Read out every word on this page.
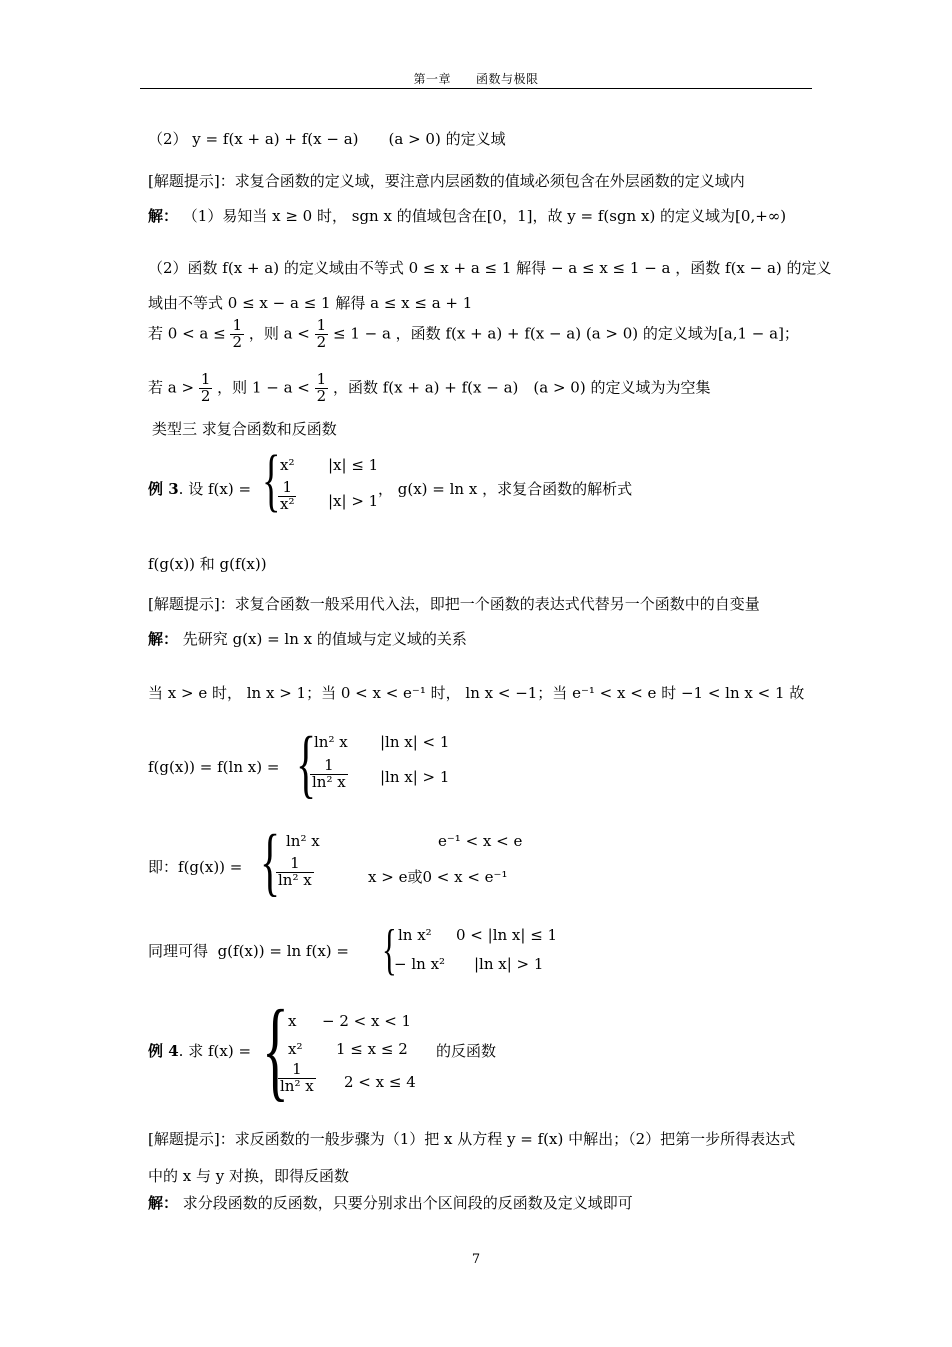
第一章　　函数与极限
（2） y = f(x + a) + f(x − a)　　(a > 0) 的定义域
[解题提示]：求复合函数的定义域，要注意内层函数的值域必须包含在外层函数的定义域内
解： （1）易知当 x ≥ 0 时， sgn x 的值域包含在[0，1]，故 y = f(sgn x) 的定义域为[0,+∞)
（2）函数 f(x + a) 的定义域由不等式 0 ≤ x + a ≤ 1 解得 − a ≤ x ≤ 1 − a ，函数 f(x − a) 的定义
域由不等式 0 ≤ x − a ≤ 1 解得 a ≤ x ≤ a + 1
若 $0 < a \le \frac{1}{2}$ ，则 $a < \frac{1}{2} \le 1 - a$ ，函数 f(x + a) + f(x − a) (a > 0) 的定义域为[a,1 − a]；
若 $a > \frac{1}{2}$ ，则 $1 - a < \frac{1}{2}$ ，函数 f(x + a) + f(x − a)　(a > 0) 的定义域为为空集
类型三 求复合函数和反函数
例 3. 设 f(x) = { x² |x| ≤ 1
$\frac{1}{\text{x²}} |x| > 1$
， g(x) = ln x ，求复合函数的解析式
f(g(x)) 和 g(f(x))
[解题提示]：求复合函数一般采用代入法，即把一个函数的表达式代替另一个函数中的自变量
解： 先研究 g(x) = ln x 的值域与定义域的关系
当 x > e 时， ln x > 1；当 0 < x < e⁻¹ 时， ln x < −1；当 e⁻¹ < x < e 时 −1 < ln x < 1 故
f(g(x)) = f(ln x) = {
ln² x |ln x| < 1
$\frac{1}{\text{ln² x}} |\ln$ x| > 1
即：f(g(x)) = { ln² x	e⁻¹ < x < e
$\frac{1}{\text{ln² x}}$	x > e或0 < x < e⁻¹
同理可得 g(f(x)) = ln f(x) = { ln x² 0 < |ln x| ≤ 1
− ln x² |ln x| > 1
例 4. 求 f(x) = { x − 2 < x < 1
x² 1 ≤ x ≤ 2
$\frac{1}{\text{ln² x}} 2 < x \le 4$
的反函数
[解题提示]：求反函数的一般步骤为（1）把 x 从方程 y = f(x) 中解出；（2）把第一步所得表达式
中的 x 与 y 对换，即得反函数
解： 求分段函数的反函数，只要分别求出个区间段的反函数及定义域即可
7
